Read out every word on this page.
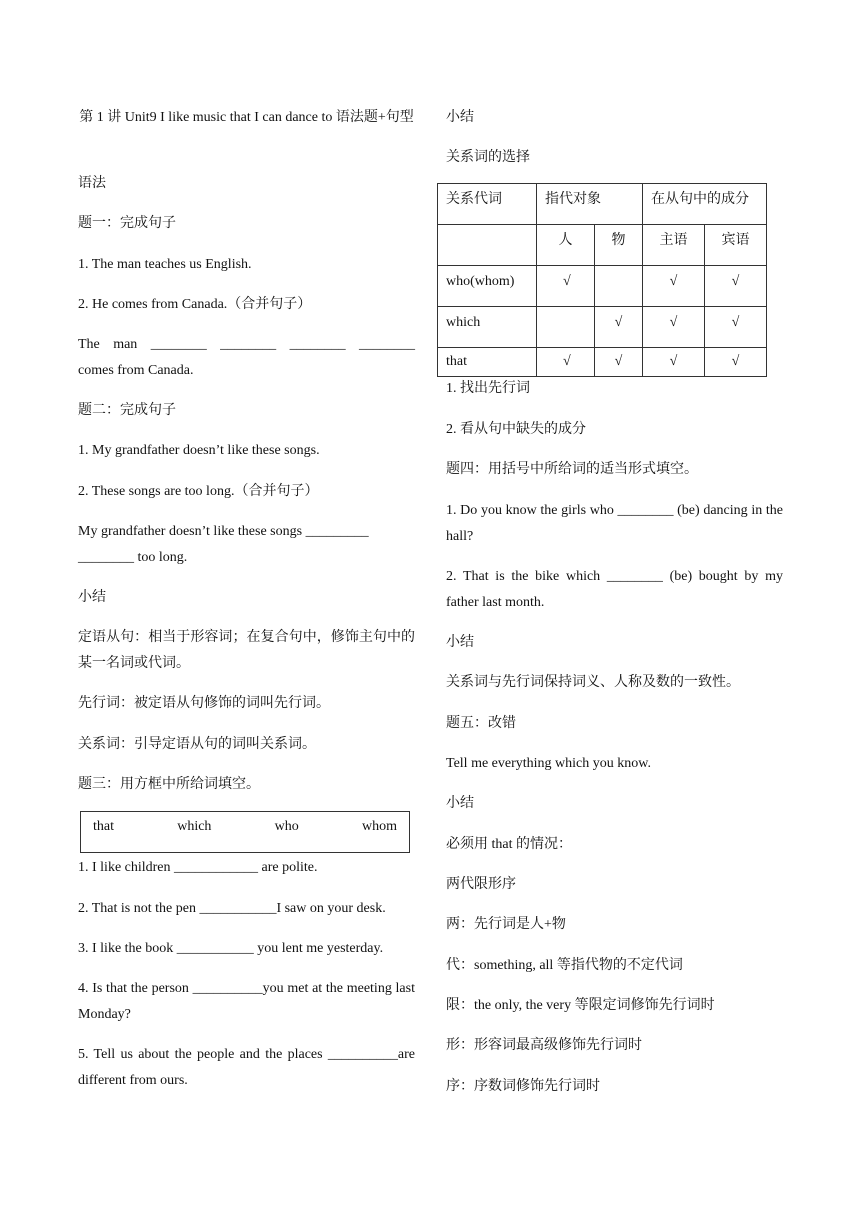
第 1 讲 Unit9 I like music that I can dance to 语法题+句型
语法
题一：完成句子
1. The man teaches us English.
2. He comes from Canada.（合并句子）
The man ________ ________ ________ ________
comes from Canada.
题二：完成句子
1. My grandfather doesn’t like these songs.
2. These songs are too long.（合并句子）
My grandfather doesn’t like these songs _________
________ too long.
小结
定语从句：相当于形容词；在复合句中，修饰主句中的某一名词或代词。
先行词：被定语从句修饰的词叫先行词。
关系词：引导定语从句的词叫关系词。
题三：用方框中所给词填空。
1. I like children ____________ are polite.
2. That is not the pen ___________I saw on your desk.
3. I like the book ___________ you lent me yesterday.
4. Is that the person __________you met at the meeting last Monday?
5. Tell us about the people and the places __________are different from ours.
that	which	who	whom
小结
关系词的选择
1. 找出先行词
2. 看从句中缺失的成分
题四：用括号中所给词的适当形式填空。
1. Do you know the girls who ________ (be) dancing in the hall?
2. That is the bike which ________ (be) bought by my father last month.
小结
关系词与先行词保持词义、人称及数的一致性。
题五：改错
Tell me everything which you know.
小结
必须用 that 的情况：
两代限形序
两：先行词是人+物
代：something, all 等指代物的不定代词
限：the only, the very 等限定词修饰先行词时
形：形容词最高级修饰先行词时
序：序数词修饰先行词时
关系代词	指代对象		在从句中的成分	
	人	物	主语	宾语
who(whom)	√		√	√
which		√	√	√
that	√	√	√	√
